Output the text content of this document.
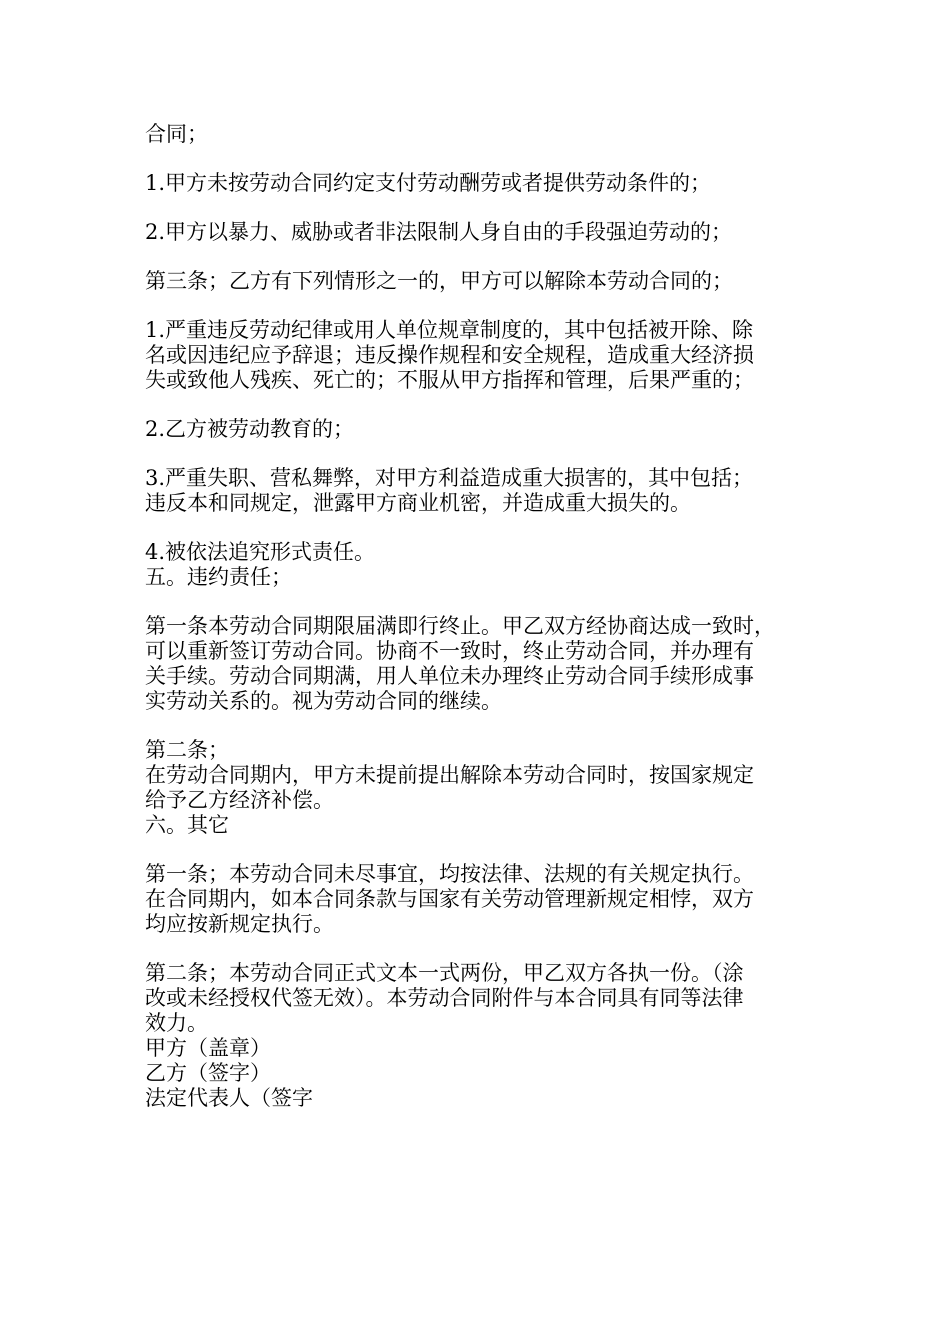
合同；
1.甲方未按劳动合同约定支付劳动酬劳或者提供劳动条件的；
2.甲方以暴力、威胁或者非法限制人身自由的手段强迫劳动的；
第三条；乙方有下列情形之一的，甲方可以解除本劳动合同的；
1.严重违反劳动纪律或用人单位规章制度的，其中包括被开除、除
名或因违纪应予辞退；违反操作规程和安全规程，造成重大经济损
失或致他人残疾、死亡的；不服从甲方指挥和管理，后果严重的；
2.乙方被劳动教育的；
3.严重失职、营私舞弊，对甲方利益造成重大损害的，其中包括；
违反本和同规定，泄露甲方商业机密，并造成重大损失的。
4.被依法追究形式责任。
五。违约责任；
第一条本劳动合同期限届满即行终止。甲乙双方经协商达成一致时，
可以重新签订劳动合同。协商不一致时，终止劳动合同，并办理有
关手续。劳动合同期满，用人单位未办理终止劳动合同手续形成事
实劳动关系的。视为劳动合同的继续。
第二条；
在劳动合同期内，甲方未提前提出解除本劳动合同时，按国家规定
给予乙方经济补偿。
六。其它
第一条；本劳动合同未尽事宜，均按法律、法规的有关规定执行。
在合同期内，如本合同条款与国家有关劳动管理新规定相悖，双方
均应按新规定执行。
第二条；本劳动合同正式文本一式两份，甲乙双方各执一份。（涂
改或未经授权代签无效）。本劳动合同附件与本合同具有同等法律
效力。
甲方（盖章）
乙方（签字）
法定代表人（签字
